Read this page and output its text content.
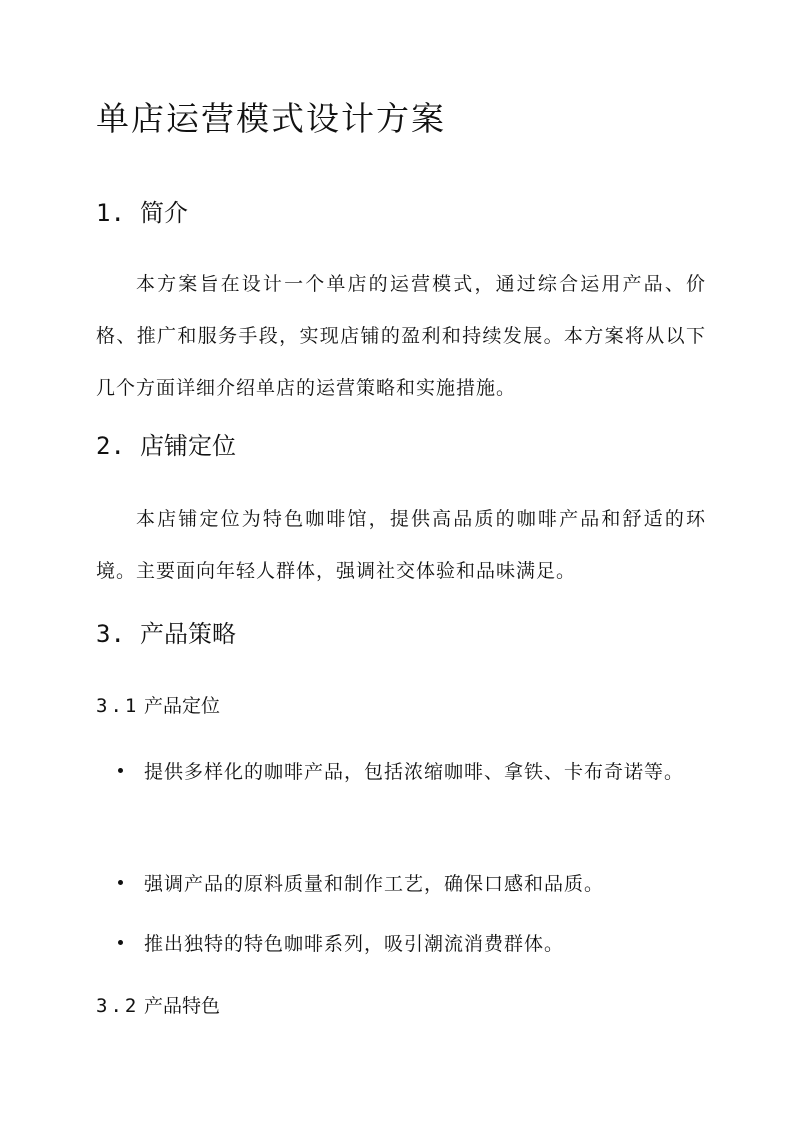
单店运营模式设计方案
1. 简介
本方案旨在设计一个单店的运营模式，通过综合运用产品、价格、推广和服务手段，实现店铺的盈利和持续发展。本方案将从以下几个方面详细介绍单店的运营策略和实施措施。
2. 店铺定位
本店铺定位为特色咖啡馆，提供高品质的咖啡产品和舒适的环境。主要面向年轻人群体，强调社交体验和品味满足。
3. 产品策略
3.1 产品定位
提供多样化的咖啡产品，包括浓缩咖啡、拿铁、卡布奇诺等。
强调产品的原料质量和制作工艺，确保口感和品质。
推出独特的特色咖啡系列，吸引潮流消费群体。
3.2 产品特色
